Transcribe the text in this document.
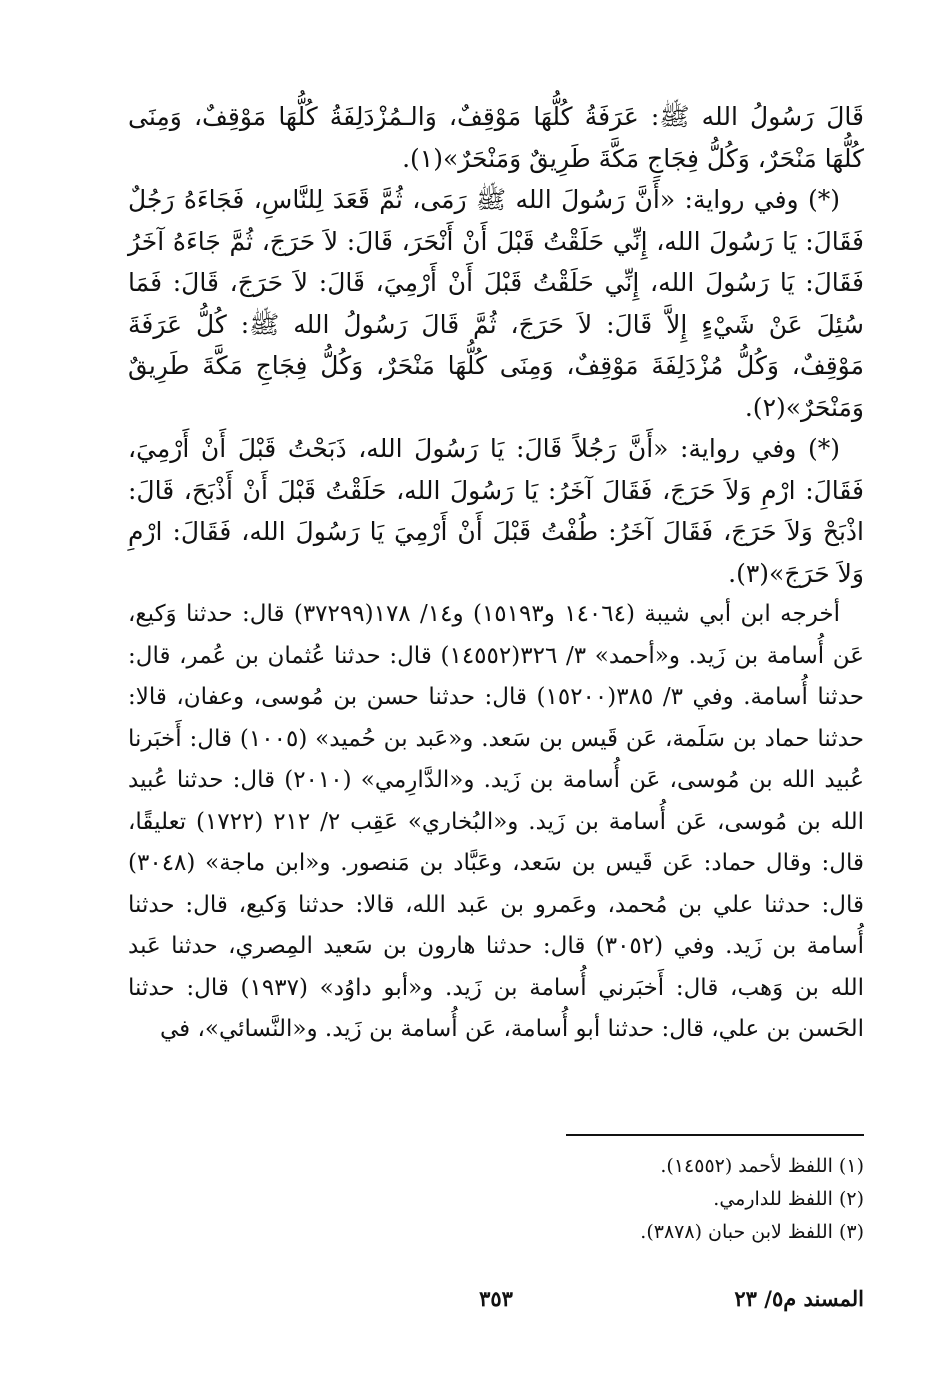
قَالَ رَسُولُ الله ﷺ: عَرَفَةُ كُلُّهَا مَوْقِفٌ، وَالـمُزْدَلِفَةُ كُلُّهَا مَوْقِفٌ، وَمِنَى كُلُّهَا مَنْحَرٌ، وَكُلُّ فِجَاجِ مَكَّةَ طَرِيقٌ وَمَنْحَرٌ»(١).

(*) وفي رواية: «أَنَّ رَسُولَ الله ﷺ رَمَى، ثُمَّ قَعَدَ لِلنَّاسِ، فَجَاءَهُ رَجُلٌ فَقَالَ: يَا رَسُولَ الله، إِنِّي حَلَقْتُ قَبْلَ أَنْ أَنْحَرَ، قَالَ: لاَ حَرَجَ، ثُمَّ جَاءَهُ آخَرُ فَقَالَ: يَا رَسُولَ الله، إِنِّي حَلَقْتُ قَبْلَ أَنْ أَرْمِيَ، قَالَ: لاَ حَرَجَ، قَالَ: فَمَا سُئِلَ عَنْ شَيْءٍ إِلاَّ قَالَ: لاَ حَرَجَ، ثُمَّ قَالَ رَسُولُ الله ﷺ: كُلُّ عَرَفَةَ مَوْقِفٌ، وَكُلُّ مُزْدَلِفَةَ مَوْقِفٌ، وَمِنَى كُلُّهَا مَنْحَرٌ، وَكُلُّ فِجَاجِ مَكَّةَ طَرِيقٌ وَمَنْحَرٌ»(٢).

(*) وفي رواية: «أَنَّ رَجُلاً قَالَ: يَا رَسُولَ الله، ذَبَحْتُ قَبْلَ أَنْ أَرْمِيَ، فَقَالَ: ارْمِ وَلاَ حَرَجَ، فَقَالَ آخَرُ: يَا رَسُولَ الله، حَلَقْتُ قَبْلَ أَنْ أَذْبَحَ، قَالَ: اذْبَحْ وَلاَ حَرَجَ، فَقَالَ آخَرُ: طُفْتُ قَبْلَ أَنْ أَرْمِيَ يَا رَسُولَ الله، فَقَالَ: ارْمِ وَلاَ حَرَجَ»(٣).

أخرجه ابن أبي شيبة (١٤٠٦٤ و١٥١٩٣) و١٤/ ١٧٨(٣٧٢٩٩) قال: حدثنا وَكيع، عَن أُسامة بن زَيد. و«أحمد» ٣/ ٣٢٦(١٤٥٥٢) قال: حدثنا عُثمان بن عُمر، قال: حدثنا أُسامة. وفي ٣/ ٣٨٥(١٥٢٠٠) قال: حدثنا حسن بن مُوسى، وعفان، قالا: حدثنا حماد بن سَلَمة، عَن قَيس بن سَعد. و«عَبد بن حُميد» (١٠٠٥) قال: أَخبَرنا عُبيد الله بن مُوسى، عَن أُسامة بن زَيد. و«الدَّارِمي» (٢٠١٠) قال: حدثنا عُبيد الله بن مُوسى، عَن أُسامة بن زَيد. و«البُخاري» عَقِب ٢/ ٢١٢ (١٧٢٢) تعليقًا، قال: وقال حماد: عَن قَيس بن سَعد، وعَبَّاد بن مَنصور. و«ابن ماجة» (٣٠٤٨) قال: حدثنا علي بن مُحمد، وعَمرو بن عَبد الله، قالا: حدثنا وَكيع، قال: حدثنا أُسامة بن زَيد. وفي (٣٠٥٢) قال: حدثنا هارون بن سَعيد المِصري، حدثنا عَبد الله بن وَهب، قال: أَخبَرني أُسامة بن زَيد. و«أبو داوُد» (١٩٣٧) قال: حدثنا الحَسن بن علي، قال: حدثنا أبو أُسامة، عَن أُسامة بن زَيد. و«النَّسائي»، في

(١) اللفظ لأحمد (١٤٥٥٢).

(٢) اللفظ للدارمي.

(٣) اللفظ لابن حبان (٣٨٧٨).

المسند م٥/ ٢٣
٣٥٣
